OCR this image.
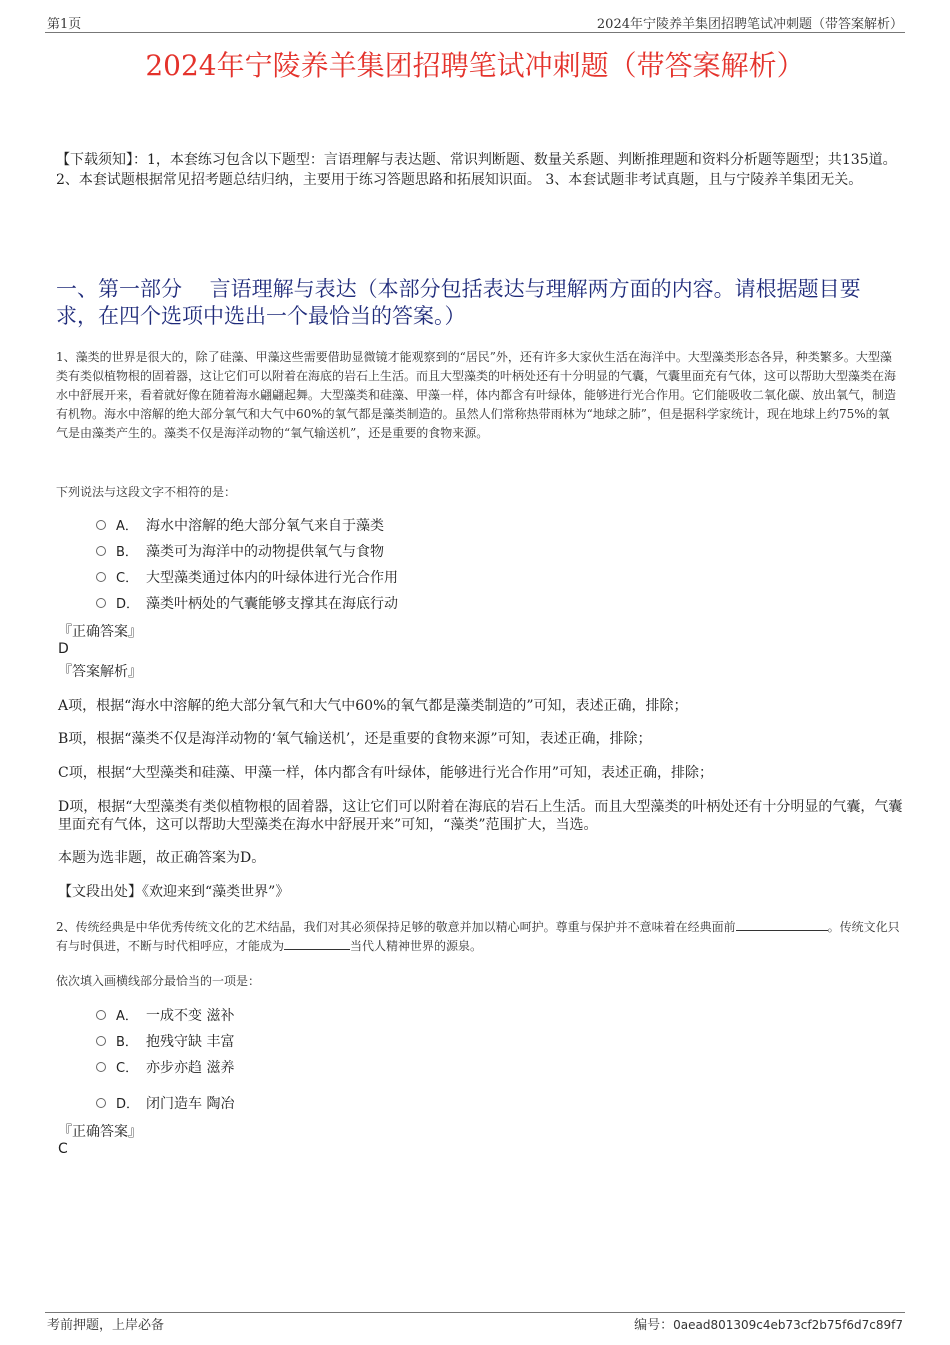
第1页	2024年宁陵养羊集团招聘笔试冲刺题（带答案解析）
2024年宁陵养羊集团招聘笔试冲刺题（带答案解析）
【下载须知】：1，本套练习包含以下题型：言语理解与表达题、常识判断题、数量关系题、判断推理题和资料分析题等题型；共135道。 2、本套试题根据常见招考题总结归纳，主要用于练习答题思路和拓展知识面。 3、本套试题非考试真题，且与宁陵养羊集团无关。
一、第一部分　 言语理解与表达（本部分包括表达与理解两方面的内容。请根据题目要求，在四个选项中选出一个最恰当的答案。）
1、藻类的世界是很大的，除了硅藻、甲藻这些需要借助显微镜才能观察到的“居民”外，还有许多大家伙生活在海洋中。大型藻类形态各异，种类繁多。大型藻类有类似植物根的固着器，这让它们可以附着在海底的岩石上生活。而且大型藻类的叶柄处还有十分明显的气囊，气囊里面充有气体，这可以帮助大型藻类在海水中舒展开来，看着就好像在随着海水翩翩起舞。大型藻类和硅藻、甲藻一样，体内都含有叶绿体，能够进行光合作用。它们能吸收二氧化碳、放出氧气，制造有机物。海水中溶解的绝大部分氧气和大气中60%的氧气都是藻类制造的。虽然人们常称热带雨林为“地球之肺”，但是据科学家统计，现在地球上约75%的氧气是由藻类产生的。藻类不仅是海洋动物的“氧气输送机”，还是重要的食物来源。
下列说法与这段文字不相符的是：
A． 海水中溶解的绝大部分氧气来自于藻类
B． 藻类可为海洋中的动物提供氧气与食物
C． 大型藻类通过体内的叶绿体进行光合作用
D． 藻类叶柄处的气囊能够支撑其在海底行动
『正确答案』
D
『答案解析』
A项，根据“海水中溶解的绝大部分氧气和大气中60%的氧气都是藻类制造的”可知，表述正确，排除；
B项，根据“藻类不仅是海洋动物的‘氧气输送机’，还是重要的食物来源”可知，表述正确，排除；
C项，根据“大型藻类和硅藻、甲藻一样，体内都含有叶绿体，能够进行光合作用”可知，表述正确，排除；
D项，根据“大型藻类有类似植物根的固着器，这让它们可以附着在海底的岩石上生活。而且大型藻类的叶柄处还有十分明显的气囊，气囊里面充有气体，这可以帮助大型藻类在海水中舒展开来”可知，“藻类”范围扩大，当选。
本题为选非题，故正确答案为D。
【文段出处】《欢迎来到“藻类世界”》
2、传统经典是中华优秀传统文化的艺术结晶，我们对其必须保持足够的敬意并加以精心呵护。尊重与保护并不意味着在经典面前	。传统文化只有与时俱进，不断与时代相呼应，才能成为	当代人精神世界的源泉。
依次填入画横线部分最恰当的一项是：
A． 一成不变 滋补
B． 抱残守缺 丰富
C． 亦步亦趋 滋养
D． 闭门造车 陶冶
『正确答案』
C
考前押题，上岸必备	编号：0aead801309c4eb73cf2b75f6d7c89f7
